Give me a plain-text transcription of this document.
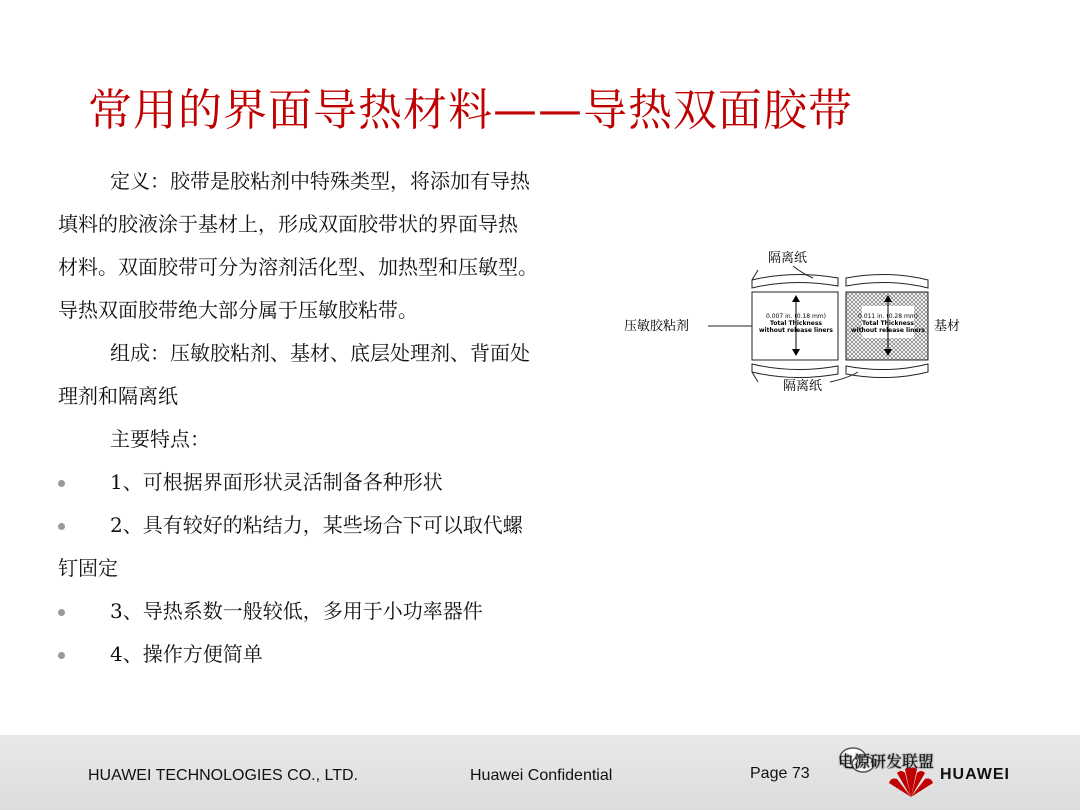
常用的界面导热材料——导热双面胶带
定义：胶带是胶粘剂中特殊类型，将添加有导热
填料的胶液涂于基材上，形成双面胶带状的界面导热
材料。双面胶带可分为溶剂活化型、加热型和压敏型。
导热双面胶带绝大部分属于压敏胶粘带。
组成：压敏胶粘剂、基材、底层处理剂、背面处
理剂和隔离纸
主要特点：
1、可根据界面形状灵活制备各种形状
2、具有较好的粘结力，某些场合下可以取代螺
钉固定
3、导热系数一般较低，多用于小功率器件
4、操作方便简单
0.007 in. (0.18 mm)
Total Thickness
without release liners
0.011 in. (0.28 mm)
Total Thickness
without release liners
隔离纸
隔离纸
压敏胶粘剂	基材
HUAWEI TECHNOLOGIES CO., LTD.	Huawei Confidential	Page 73	HUAWEI
电源研发联盟
